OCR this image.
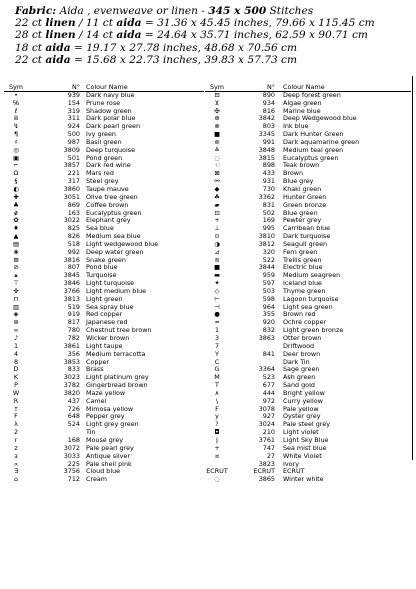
Fabric: Aida , evenweave or linen - 345 x 500 Stitches
22 ct linen / 11 ct aida = 31.36 x 45.45 inches, 79.66 x 115.45 cm
28 ct linen / 14 ct aida = 24.64 x 35.71 inches, 62.59 x 90.71 cm
18 ct aida = 19.17 x 27.78 inches, 48.68 x 70.56 cm
22 ct aida = 15.68 x 22.73 inches, 39.83 x 57.73 cm
Sym	N° Colour Name
•	939 Dark navy blue
℅	154 Prune rose
ℓ	319 Shadow green
ⅲ	311 Dark polar blue
↯	924 Dark pearl green
¶	500 Ivy green
♯	987 Basil green
◎	3809 Deep turquoise
▣	501 Pond green
⌐	3857 Dark red wine
Ω	221 Mars red
§	317 Steel grey
◐	3860 Taupe mauve
✚	3051 Olive tree green
♣	869 Coffee brown
ɇ	163 Eucalyptus green
✿	3022 Elephant grey
♦	825 Sea blue
▲	826 Medium sea blue
▤	518 Light wedgewood blue
❀	992 Deep water green
⊞	3816 Snake green
⊘	807 Pond blue
▴	3845 Turquoise
⊤	3846 Light turquoise
✜	3766 Light medium blue
⊓	3813 Light green
▥	519 Sea spray blue
◈	919 Red copper
⊛	817 Japanese red
∞	780 Chestnut tree brown
♪	782 Wicker brown
1	3861 Light taupe
4	356 Medium terracotta
8	3853 Copper
D	833 Brass
K	3023 Light platinum grey
P	3782 Gingerbread brown
W	3820 Maze yellow
R	437 Camel
†	726 Mimosa yellow
F	648 Pepper grey
λ	524 Light grey green
2	Tin
r	168 Mouse grey
z	3072 Pale pearl grey
ɜ	3033 Antique silver
∝	225 Pale shell pink
∃	3756 Cloud blue
⌂	712 Cream
Sym	N° Colour Name
⊟	890 Deep forest green
⊻	934 Algae green
✠	816 Marine blue
⊕	3842 Deep Wedgewood blue
⊗	803 Ink blue
■	3345 Dark Hunter Green
⊜	991 Dark aquamarine green
≜	3848 Medium teal green
◌	3815 Eucalyptus green
☜	898 Teak brown
⊠	433 Brown
⚯	931 Blue grey
◆	730 Khaki green
☘	3362 Hunter Green
▰	831 Green bronze
⊡	502 Blue green
+	169 Pewter grey
⊥	995 Carribean blue
⊙	3810 Dark turquoise
◑	3812 Seagull green
⊿	320 Fern green
≋	522 Trellis green
■	3844 Electric blue
▬	959 Medium seagreen
✦	597 Iceland blue
◇	503 Thyme green
⊢	598 Lagoon turquoise
⊣	964 Light sea green
●	355 Brown red
≈	920 Ochre copper
1	832 Light green bronze
3	3863 Otter brown
7	Driftwood
Y	841 Deer brown
C	Dark Tin
G	3364 Sage green
M	523 Ash green
T	677 Sand gold
∧	444 Bright yellow
\	972 Curry yellow
F	3078 Pale yellow
y	927 Oyster grey
?	3024 Pale steel grey
◘	210 Light violet
ǀ	3761 Light Sky Blue
+	747 Sea mist blue
¤	27 White Violet
3823 Ivory
ECRUT	ECRUT ECRUT
◌	3865 Winter white
